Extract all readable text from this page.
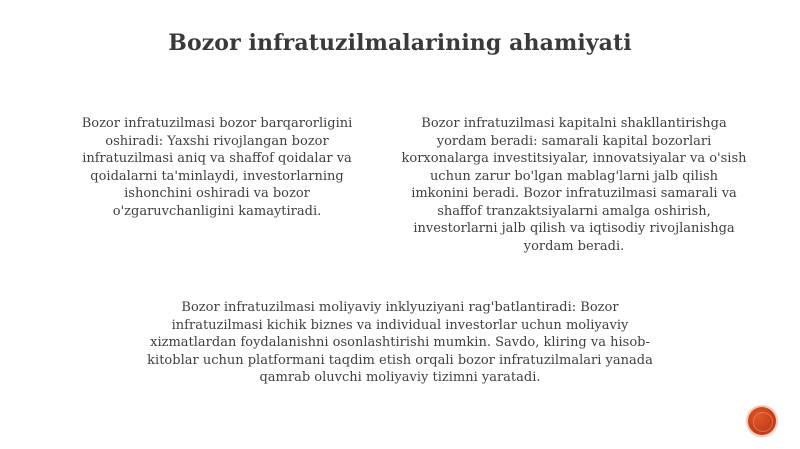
Bozor infratuzilmalarining ahamiyati
Bozor infratuzilmasi bozor barqarorligini oshiradi: Yaxshi rivojlangan bozor infratuzilmasi aniq va shaffof qoidalar va qoidalarni ta'minlaydi, investorlarning ishonchini oshiradi va bozor o'zgaruvchanligini kamaytiradi.
Bozor infratuzilmasi kapitalni shakllantirishga yordam beradi: samarali kapital bozorlari korxonalarga investitsiyalar, innovatsiyalar va o'sish uchun zarur bo'lgan mablag'larni jalb qilish imkonini beradi. Bozor infratuzilmasi samarali va shaffof tranzaktsiyalarni amalga oshirish, investorlarni jalb qilish va iqtisodiy rivojlanishga yordam beradi.
Bozor infratuzilmasi moliyaviy inklyuziyani rag'batlantiradi: Bozor infratuzilmasi kichik biznes va individual investorlar uchun moliyaviy xizmatlardan foydalanishni osonlashtirishi mumkin. Savdo, kliring va hisob-kitoblar uchun platformani taqdim etish orqali bozor infratuzilmalari yanada qamrab oluvchi moliyaviy tizimni yaratadi.
